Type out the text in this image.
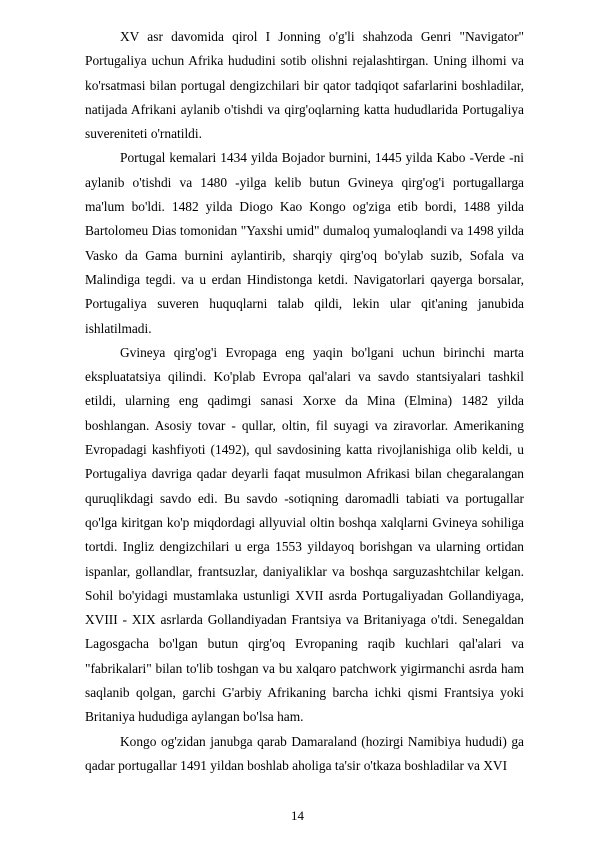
XV asr davomida qirol I Jonning o'g'li shahzoda Genri "Navigator" Portugaliya uchun Afrika hududini sotib olishni rejalashtirgan. Uning ilhomi va ko'rsatmasi bilan portugal dengizchilari bir qator tadqiqot safarlarini boshladilar, natijada Afrikani aylanib o'tishdi va qirg'oqlarning katta hududlarida Portugaliya suvereniteti o'rnatildi.

Portugal kemalari 1434 yilda Bojador burnini, 1445 yilda Kabo -Verde -ni aylanib o'tishdi va 1480 -yilga kelib butun Gvineya qirg'og'i portugallarga ma'lum bo'ldi. 1482 yilda Diogo Kao Kongo og'ziga etib bordi, 1488 yilda Bartolomeu Dias tomonidan "Yaxshi umid" dumaloq yumaloqlandi va 1498 yilda Vasko da Gama burnini aylantirib, sharqiy qirg'oq bo'ylab suzib, Sofala va Malindiga tegdi. va u erdan Hindistonga ketdi. Navigatorlari qayerga borsalar, Portugaliya suveren huquqlarni talab qildi, lekin ular qit'aning janubida ishlatilmadi.

Gvineya qirg'og'i Evropaga eng yaqin bo'lgani uchun birinchi marta ekspluatatsiya qilindi. Ko'plab Evropa qal'alari va savdo stantsiyalari tashkil etildi, ularning eng qadimgi sanasi Xorxe da Mina (Elmina) 1482 yilda boshlangan. Asosiy tovar - qullar, oltin, fil suyagi va ziravorlar. Amerikaning Evropadagi kashfiyoti (1492), qul savdosining katta rivojlanishiga olib keldi, u Portugaliya davriga qadar deyarli faqat musulmon Afrikasi bilan chegaralangan quruqlikdagi savdo edi. Bu savdo -sotiqning daromadli tabiati va portugallar qo'lga kiritgan ko'p miqdordagi allyuvial oltin boshqa xalqlarni Gvineya sohiliga tortdi. Ingliz dengizchilari u erga 1553 yildayoq borishgan va ularning ortidan ispanlar, gollandlar, frantsuzlar, daniyaliklar va boshqa sarguzashtchilar kelgan. Sohil bo'yidagi mustamlaka ustunligi XVII asrda Portugaliyadan Gollandiyaga, XVIII - XIX asrlarda Gollandiyadan Frantsiya va Britaniyaga o'tdi. Senegaldan Lagosgacha bo'lgan butun qirg'oq Evropaning raqib kuchlari qal'alari va "fabrikalari" bilan to'lib toshgan va bu xalqaro patchwork yigirmanchi asrda ham saqlanib qolgan, garchi G'arbiy Afrikaning barcha ichki qismi Frantsiya yoki Britaniya hududiga aylangan bo'lsa ham.

Kongo og'zidan janubga qarab Damaraland (hozirgi Namibiya hududi) ga qadar portugallar 1491 yildan boshlab aholiga ta'sir o'tkaza boshladilar va XVI

14
